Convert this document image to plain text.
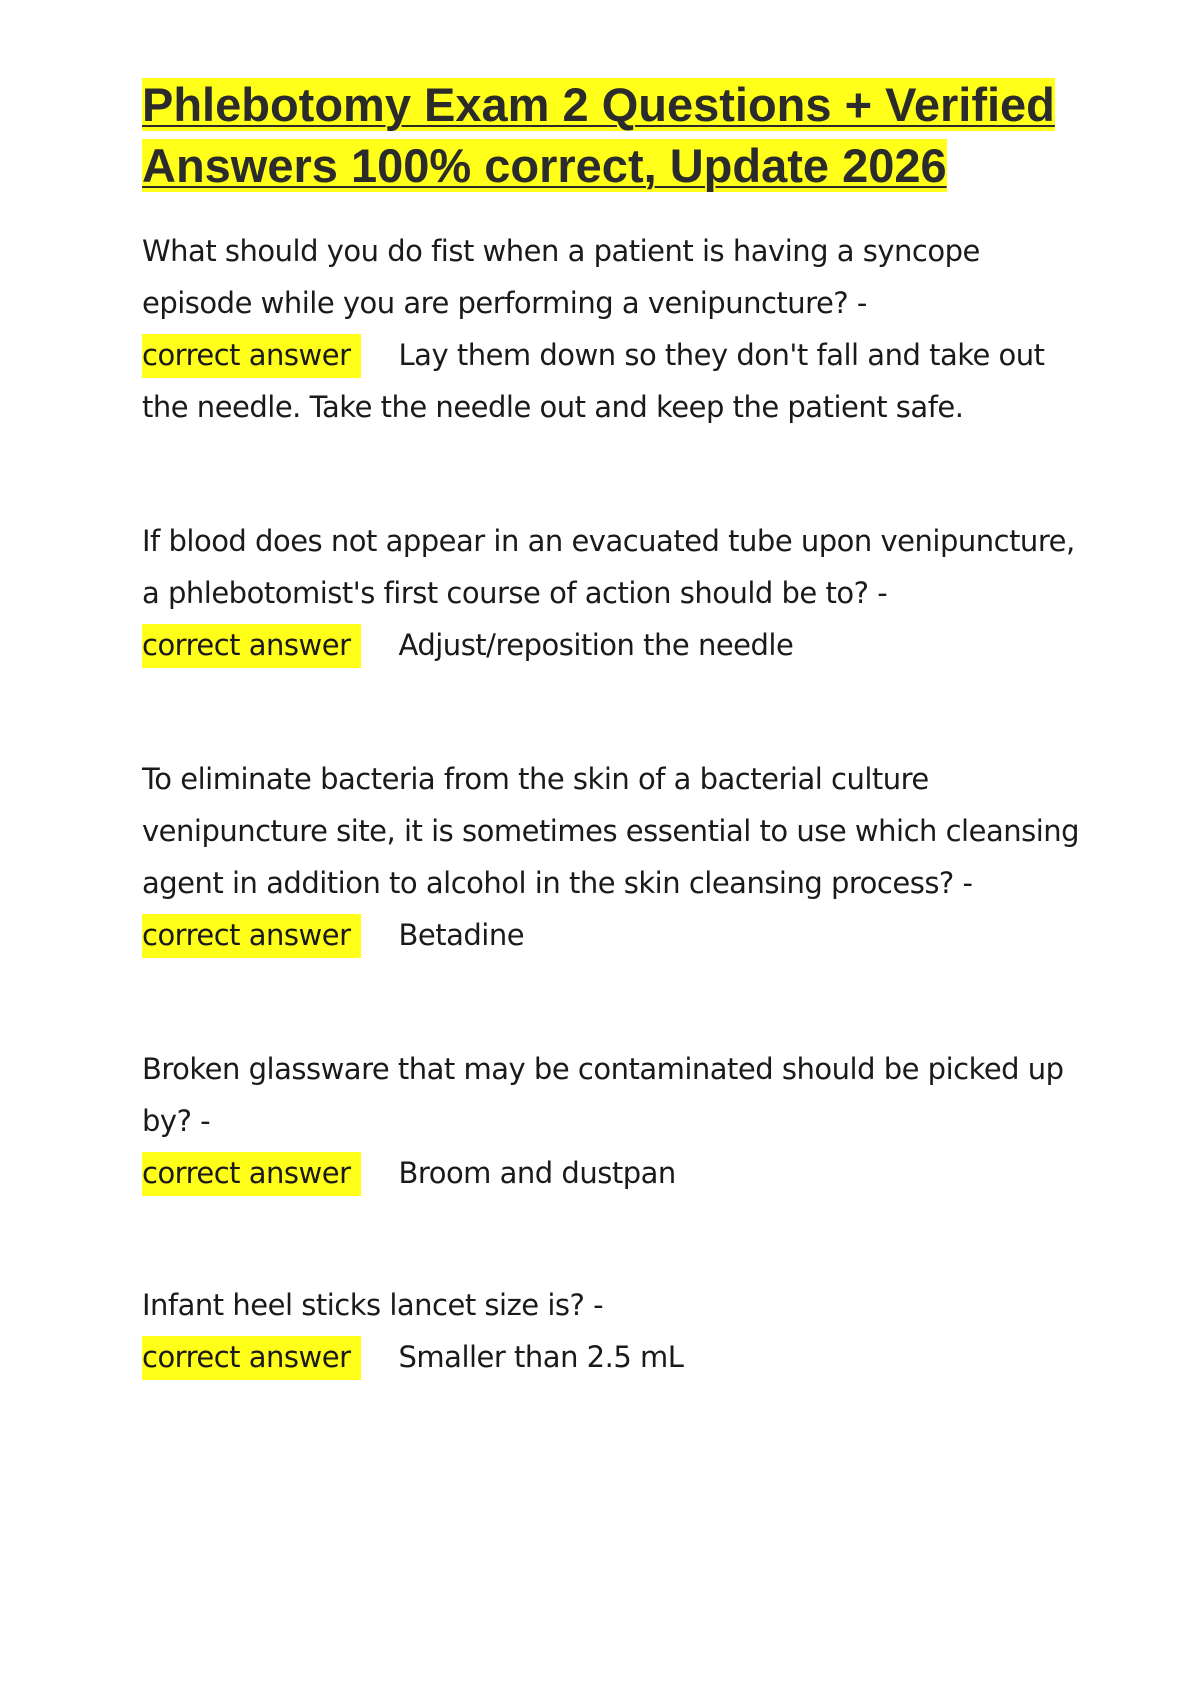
Phlebotomy Exam 2 Questions + Verified Answers 100% correct, Update 2026

What should you do fist when a patient is having a syncope episode while you are performing a venipuncture? -

correct answer Lay them down so they don't fall and take out the needle. Take the needle out and keep the patient safe.

If blood does not appear in an evacuated tube upon venipuncture, a phlebotomist's first course of action should be to? -

correct answer Adjust/reposition the needle

To eliminate bacteria from the skin of a bacterial culture venipuncture site, it is sometimes essential to use which cleansing agent in addition to alcohol in the skin cleansing process? -

correct answer Betadine

Broken glassware that may be contaminated should be picked up by? -

correct answer Broom and dustpan

Infant heel sticks lancet size is? -

correct answer Smaller than 2.5 mL
